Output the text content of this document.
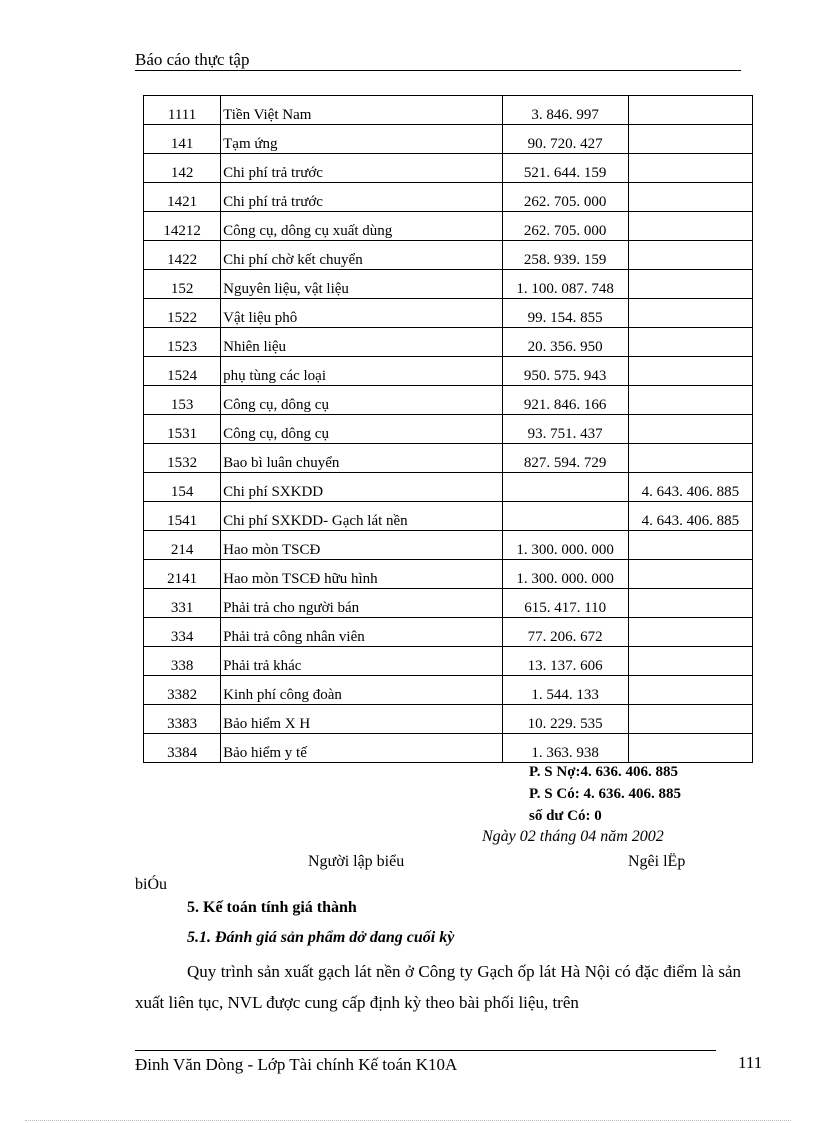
Báo cáo thực tập
1111	Tiền Việt Nam	3. 846. 997	
141	Tạm ứng	90. 720. 427	
142	Chi phí trả trước	521. 644. 159	
1421	Chi phí trả trước	262. 705. 000	
14212	Công cụ, dông cụ xuất dùng	262. 705. 000	
1422	Chi phí chờ kết chuyển	258. 939. 159	
152	Nguyên liệu, vật liệu	1. 100. 087. 748	
1522	Vật liệu phô	99. 154. 855	
1523	Nhiên liệu	20. 356. 950	
1524	phụ tùng các loại	950. 575. 943	
153	Công cụ, dông cụ	921. 846. 166	
1531	Công cụ, dông cụ	93. 751. 437	
1532	Bao bì luân chuyển	827. 594. 729	
154	Chi phí SXKDD		4. 643. 406. 885
1541	Chi phí SXKDD- Gạch lát nền		4. 643. 406. 885
214	Hao mòn TSCĐ	1. 300. 000. 000	
2141	Hao mòn TSCĐ hữu hình	1. 300. 000. 000	
331	Phải trả cho người bán	615. 417. 110	
334	Phải trả công nhân viên	77. 206. 672	
338	Phải trả khác	13. 137. 606	
3382	Kinh phí công đoàn	1. 544. 133	
3383	Bảo hiểm X H	10. 229. 535	
3384	Bảo hiểm y tế	1. 363. 938	
P. S Nợ:4. 636. 406. 885
P. S Có: 4. 636. 406. 885
số dư Có: 0
Ngày 02 tháng 04 năm 2002
Người lập biểu	Ngêi lËp
biÓu
5. Kế toán tính giá thành
5.1. Đánh giá sản phẩm dở dang cuối kỳ
Quy trình sản xuất gạch lát nền ở Công ty Gạch ốp lát Hà Nội có đặc điểm là sản xuất liên tục, NVL được cung cấp định kỳ theo bài phối liệu, trên
Đinh Văn Dòng - Lớp Tài chính Kế toán K10A	111
